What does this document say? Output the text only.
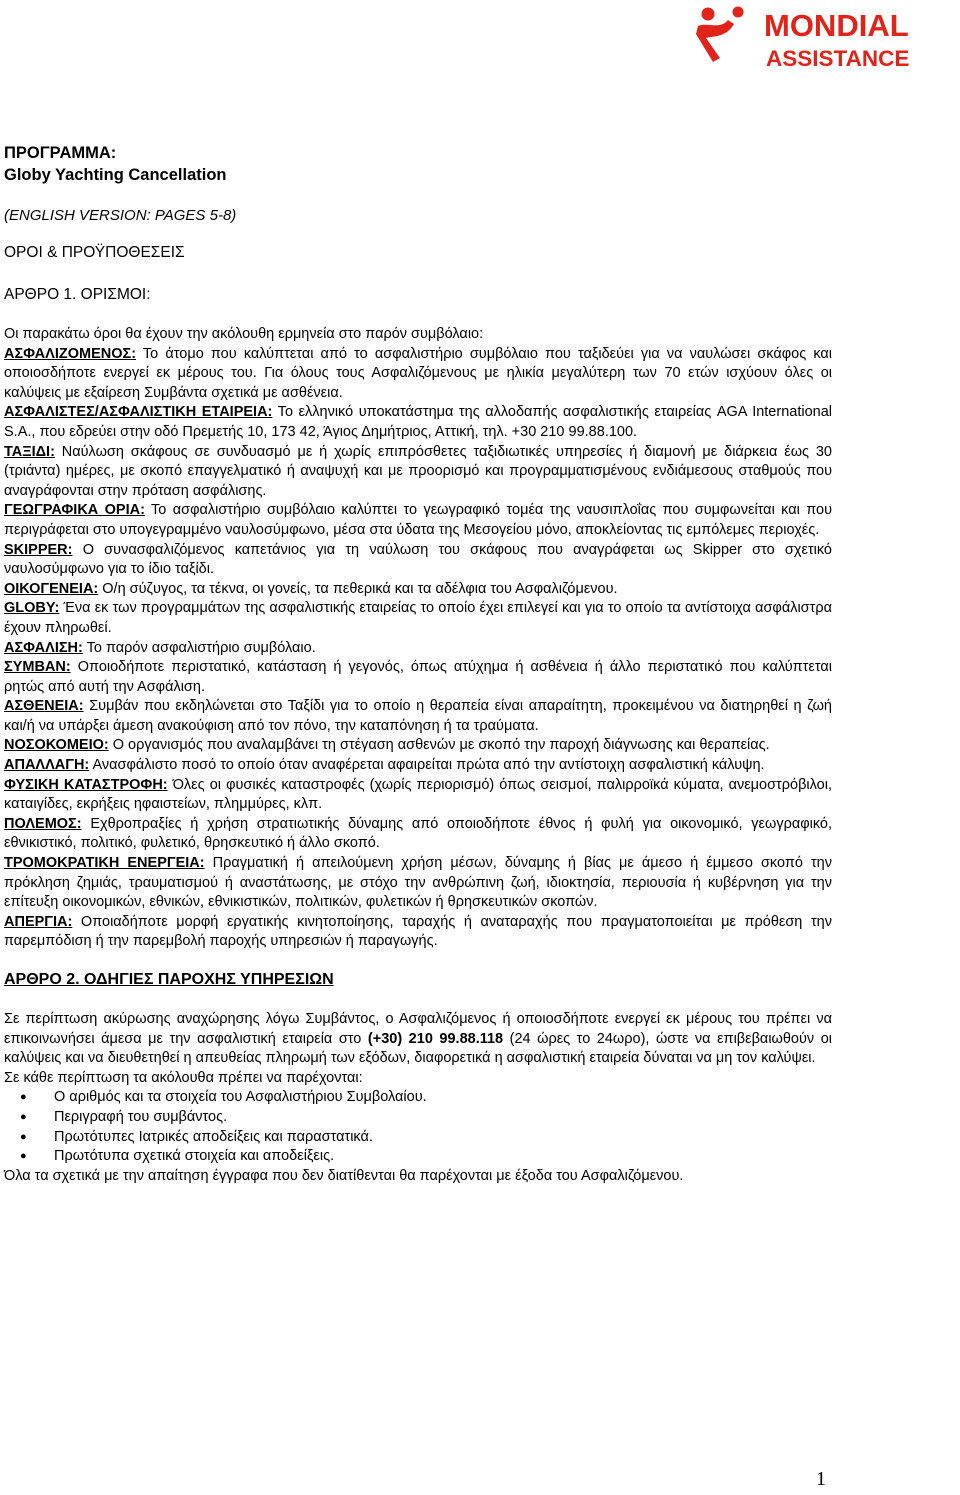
MONDIAL
ASSISTANCE
ΠΡΟΓΡΑΜΜΑ:
Globy Yachting Cancellation
(ENGLISH VERSION: PAGES 5-8)
ΟΡΟΙ & ΠΡΟΫΠΟΘΕΣΕΙΣ
ΑΡΘΡΟ 1. ΟΡΙΣΜΟΙ:

Οι παρακάτω όροι θα έχουν την ακόλουθη ερμηνεία στο παρόν συμβόλαιο:

ΑΣΦΑΛΙΖΟΜΕΝΟΣ: Το άτομο που καλύπτεται από το ασφαλιστήριο συμβόλαιο που ταξιδεύει για να ναυλώσει σκάφος και οποιοσδήποτε ενεργεί εκ μέρους του. Για όλους τους Ασφαλιζόμενους με ηλικία μεγαλύτερη των 70 ετών ισχύουν όλες οι καλύψεις με εξαίρεση Συμβάντα σχετικά με ασθένεια.

ΑΣΦΑΛΙΣΤΕΣ/ΑΣΦΑΛΙΣΤΙΚΗ ΕΤΑΙΡΕΙΑ: Το ελληνικό υποκατάστημα της αλλοδαπής ασφαλιστικής εταιρείας AGA International S.A., που εδρεύει στην οδό Πρεμετής 10, 173 42, Άγιος Δημήτριος, Αττική, τηλ. +30 210 99.88.100.

ΤΑΞΙΔΙ: Ναύλωση σκάφους σε συνδυασμό με ή χωρίς επιπρόσθετες ταξιδιωτικές υπηρεσίες ή διαμονή με διάρκεια έως 30 (τριάντα) ημέρες, με σκοπό επαγγελματικό ή αναψυχή και με προορισμό και προγραμματισμένους ενδιάμεσους σταθμούς που αναγράφονται στην πρόταση ασφάλισης.

ΓΕΩΓΡΑΦΙΚΑ ΟΡΙΑ: Το ασφαλιστήριο συμβόλαιο καλύπτει το γεωγραφικό τομέα της ναυσιπλοΐας που συμφωνείται και που περιγράφεται στο υπογεγραμμένο ναυλοσύμφωνο, μέσα στα ύδατα της Μεσογείου μόνο, αποκλείοντας τις εμπόλεμες περιοχές.

SKIPPER: Ο συνασφαλιζόμενος καπετάνιος για τη ναύλωση του σκάφους που αναγράφεται ως Skipper στο σχετικό ναυλοσύμφωνο για το ίδιο ταξίδι.

ΟΙΚΟΓΕΝΕΙΑ: Ο/η σύζυγος, τα τέκνα, οι γονείς, τα πεθερικά και τα αδέλφια του Ασφαλιζόμενου.

GLOBY: Ένα εκ των προγραμμάτων της ασφαλιστικής εταιρείας το οποίο έχει επιλεγεί και για το οποίο τα αντίστοιχα ασφάλιστρα έχουν πληρωθεί.

ΑΣΦΑΛΙΣΗ: Το παρόν ασφαλιστήριο συμβόλαιο.

ΣΥΜΒΑΝ: Οποιοδήποτε περιστατικό, κατάσταση ή γεγονός, όπως ατύχημα ή ασθένεια ή άλλο περιστατικό που καλύπτεται ρητώς από αυτή την Ασφάλιση.

ΑΣΘΕΝΕΙΑ: Συμβάν που εκδηλώνεται στο Ταξίδι για το οποίο η θεραπεία είναι απαραίτητη, προκειμένου να διατηρηθεί η ζωή και/ή να υπάρξει άμεση ανακούφιση από τον πόνο, την καταπόνηση ή τα τραύματα.

ΝΟΣΟΚΟΜΕΙΟ: Ο οργανισμός που αναλαμβάνει τη στέγαση ασθενών με σκοπό την παροχή διάγνωσης και θεραπείας.

ΑΠΑΛΛΑΓΗ: Ανασφάλιστο ποσό το οποίο όταν αναφέρεται αφαιρείται πρώτα από την αντίστοιχη ασφαλιστική κάλυψη.

ΦΥΣΙΚΗ ΚΑΤΑΣΤΡΟΦΗ: Όλες οι φυσικές καταστροφές (χωρίς περιορισμό) όπως σεισμοί, παλιρροϊκά κύματα, ανεμοστρόβιλοι, καταιγίδες, εκρήξεις ηφαιστείων, πλημμύρες, κλπ.

ΠΟΛΕΜΟΣ: Εχθροπραξίες ή χρήση στρατιωτικής δύναμης από οποιοδήποτε έθνος ή φυλή για οικονομικό, γεωγραφικό, εθνικιστικό, πολιτικό, φυλετικό, θρησκευτικό ή άλλο σκοπό.

ΤΡΟΜΟΚΡΑΤΙΚΗ ΕΝΕΡΓΕΙΑ: Πραγματική ή απειλούμενη χρήση μέσων, δύναμης ή βίας με άμεσο ή έμμεσο σκοπό την πρόκληση ζημιάς, τραυματισμού ή αναστάτωσης, με στόχο την ανθρώπινη ζωή, ιδιοκτησία, περιουσία ή κυβέρνηση για την επίτευξη οικονομικών, εθνικών, εθνικιστικών, πολιτικών, φυλετικών ή θρησκευτικών σκοπών.

ΑΠΕΡΓΙΑ: Οποιαδήποτε μορφή εργατικής κινητοποίησης, ταραχής ή αναταραχής που πραγματοποιείται με πρόθεση την παρεμπόδιση ή την παρεμβολή παροχής υπηρεσιών ή παραγωγής.

ΑΡΘΡΟ 2. ΟΔΗΓΙΕΣ ΠΑΡΟΧΗΣ ΥΠΗΡΕΣΙΩΝ

Σε περίπτωση ακύρωσης αναχώρησης λόγω Συμβάντος, ο Ασφαλιζόμενος ή οποιοσδήποτε ενεργεί εκ μέρους του πρέπει να επικοινωνήσει άμεσα με την ασφαλιστική εταιρεία στο (+30) 210 99.88.118 (24 ώρες το 24ωρο), ώστε να επιβεβαιωθούν οι καλύψεις και να διευθετηθεί η απευθείας πληρωμή των εξόδων, διαφορετικά η ασφαλιστική εταιρεία δύναται να μη τον καλύψει.

Σε κάθε περίπτωση τα ακόλουθα πρέπει να παρέχονται:

● Ο αριθμός και τα στοιχεία του Ασφαλιστήριου Συμβολαίου.
● Περιγραφή του συμβάντος.
● Πρωτότυπες Ιατρικές αποδείξεις και παραστατικά.
● Πρωτότυπα σχετικά στοιχεία και αποδείξεις.

Όλα τα σχετικά με την απαίτηση έγγραφα που δεν διατίθενται θα παρέχονται με έξοδα του Ασφαλιζόμενου.

1
